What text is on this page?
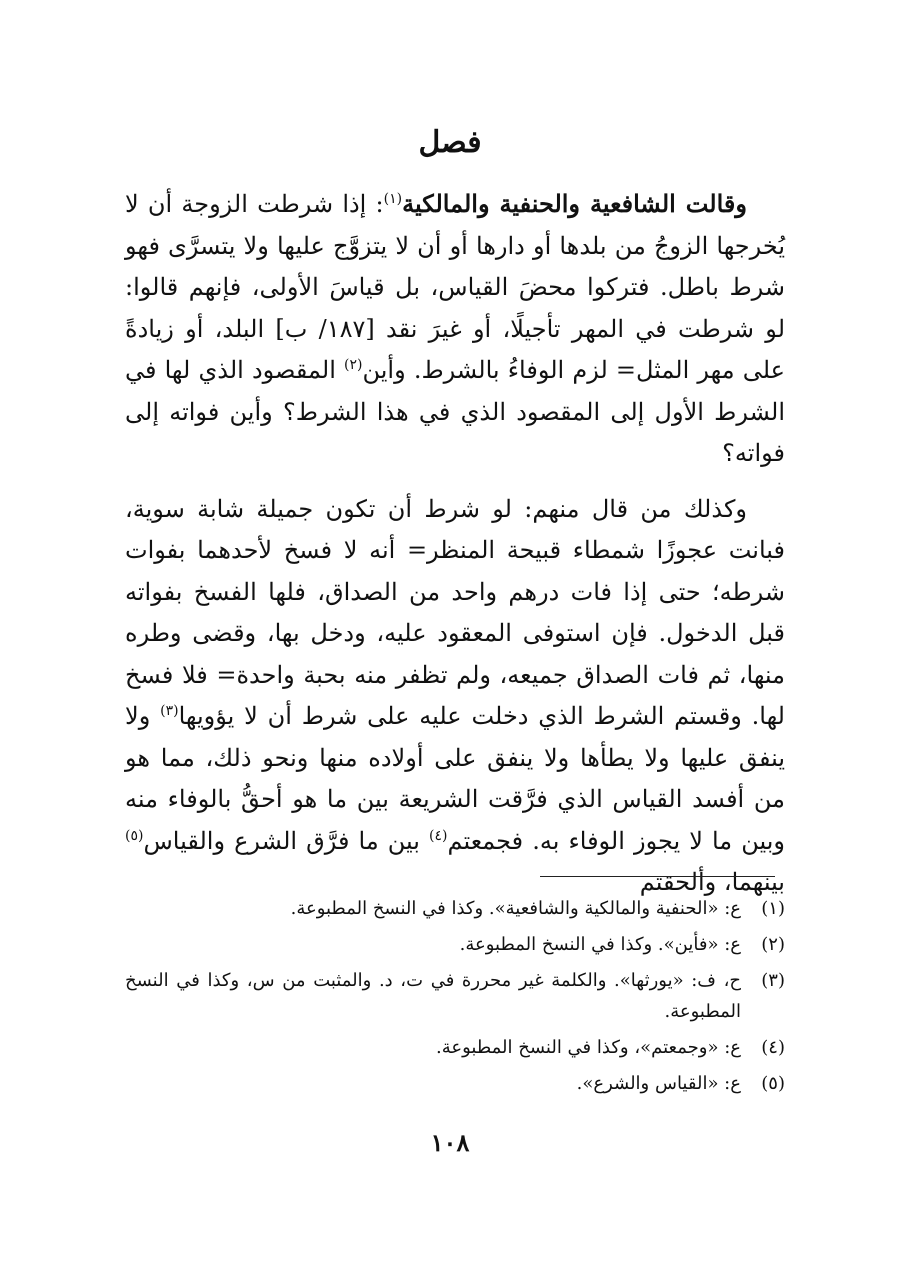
فصل

وقالت الشافعية والحنفية والمالكية$^{(١)}$: إذا شرطت الزوجة أن لا يُخرجها الزوجُ من بلدها أو دارها أو أن لا يتزوَّج عليها ولا يتسرَّى فهو شرط باطل. فتركوا محضَ القياس، بل قياسَ الأولى، فإنهم قالوا: لو شرطت في المهر تأجيلًا، أو غيرَ نقد [١٨٧/ ب] البلد، أو زيادةً على مهر المثل= لزم الوفاءُ بالشرط. وأين$^{(٢)}$ المقصود الذي لها في الشرط الأول إلى المقصود الذي في هذا الشرط؟ وأين فواته إلى فواته؟

وكذلك من قال منهم: لو شرط أن تكون جميلة شابة سوية، فبانت عجوزًا شمطاء قبيحة المنظر= أنه لا فسخ لأحدهما بفوات شرطه؛ حتى إذا فات درهم واحد من الصداق، فلها الفسخ بفواته قبل الدخول. فإن استوفى المعقود عليه، ودخل بها، وقضى وطره منها، ثم فات الصداق جميعه، ولم تظفر منه بحبة واحدة= فلا فسخ لها. وقستم الشرط الذي دخلت عليه على شرط أن لا يؤويها$^{(٣)}$ ولا ينفق عليها ولا يطأها ولا ينفق على أولاده منها ونحو ذلك، مما هو من أفسد القياس الذي فرَّقت الشريعة بين ما هو أحقُّ بالوفاء منه وبين ما لا يجوز الوفاء به. فجمعتم$^{(٤)}$ بين ما فرَّق الشرع والقياس$^{(٥)}$ بينهما، وألحقتم

(١)
ع: «الحنفية والمالكية والشافعية». وكذا في النسخ المطبوعة.
(٢)
ع: «فأين». وكذا في النسخ المطبوعة.
(٣)
ح، ف: «يورثها». والكلمة غير محررة في ت، د. والمثبت من س، وكذا في النسخ المطبوعة.
(٤)
ع: «وجمعتم»، وكذا في النسخ المطبوعة.
(٥)
ع: «القياس والشرع».
١٠٨
